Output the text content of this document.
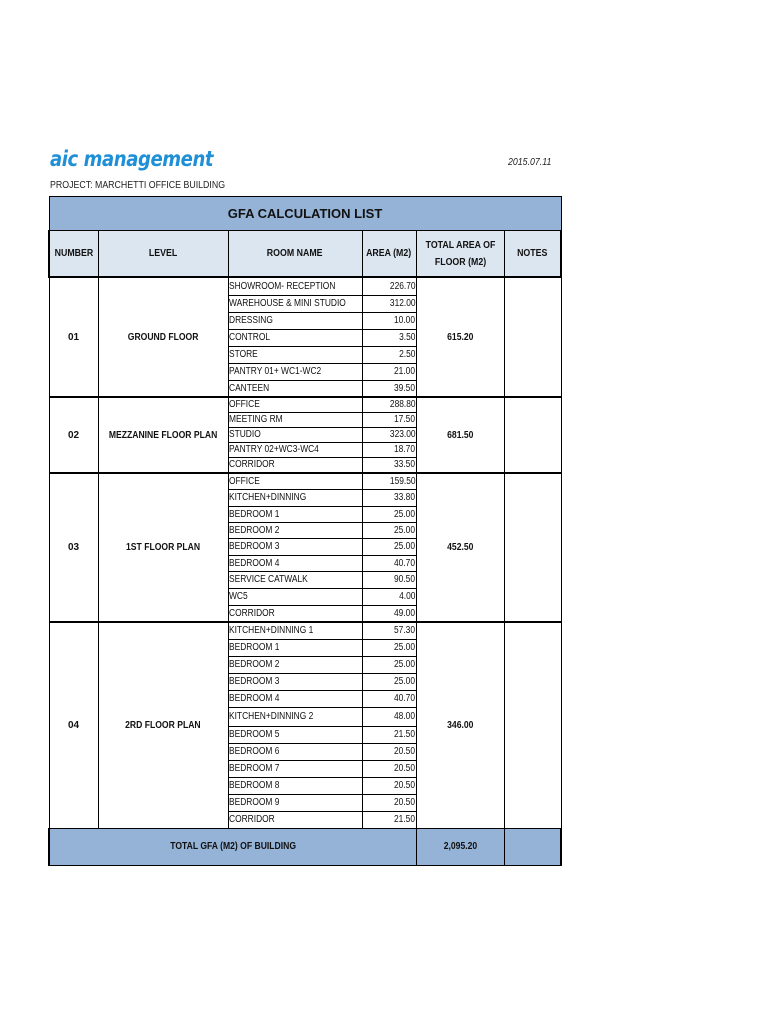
aic management	2015.07.11
PROJECT: MARCHETTI OFFICE BUILDING
GFA CALCULATION LIST					
NUMBER	LEVEL	ROOM NAME	AREA (M2)	TOTAL AREA OF FLOOR (M2)	NOTES
01	GROUND FLOOR	SHOWROOM- RECEPTION	226.70	615.20	
		WAREHOUSE & MINI STUDIO	312.00		
		DRESSING	10.00		
		CONTROL	3.50		
		STORE	2.50		
		PANTRY 01+ WC1-WC2	21.00		
		CANTEEN	39.50		
02	MEZZANINE FLOOR PLAN	OFFICE	288.80	681.50	
		MEETING RM	17.50		
		STUDIO	323.00		
		PANTRY 02+WC3-WC4	18.70		
		CORRIDOR	33.50		
03	1ST FLOOR PLAN	OFFICE	159.50	452.50	
		KITCHEN+DINNING	33.80		
		BEDROOM 1	25.00		
		BEDROOM 2	25.00		
		BEDROOM 3	25.00		
		BEDROOM 4	40.70		
		SERVICE CATWALK	90.50		
		WC5	4.00		
		CORRIDOR	49.00		
04	2RD FLOOR PLAN	KITCHEN+DINNING 1	57.30	346.00	
		BEDROOM 1	25.00		
		BEDROOM 2	25.00		
		BEDROOM 3	25.00		
		BEDROOM 4	40.70		
		KITCHEN+DINNING 2	48.00		
		BEDROOM 5	21.50		
		BEDROOM 6	20.50		
		BEDROOM 7	20.50		
		BEDROOM 8	20.50		
		BEDROOM 9	20.50		
		CORRIDOR	21.50		
TOTAL GFA (M2) OF BUILDING				2,095.20	
